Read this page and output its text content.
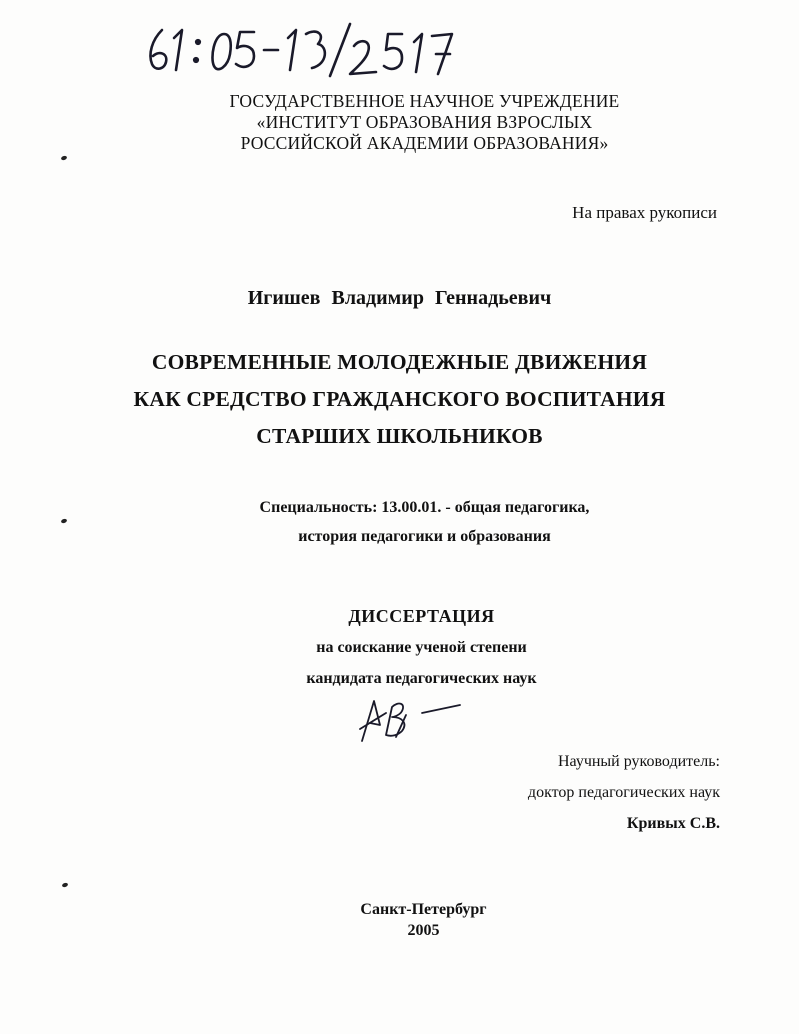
ГОСУДАРСТВЕННОЕ НАУЧНОЕ УЧРЕЖДЕНИЕ
«ИНСТИТУТ ОБРАЗОВАНИЯ ВЗРОСЛЫХ
РОССИЙСКОЙ АКАДЕМИИ ОБРАЗОВАНИЯ»
На правах рукописи
Игишев Владимир Геннадьевич
СОВРЕМЕННЫЕ МОЛОДЕЖНЫЕ ДВИЖЕНИЯ
КАК СРЕДСТВО ГРАЖДАНСКОГО ВОСПИТАНИЯ
СТАРШИХ ШКОЛЬНИКОВ
Специальность: 13.00.01. - общая педагогика,
история педагогики и образования
ДИССЕРТАЦИЯ
на соискание ученой степени
кандидата педагогических наук
Научный руководитель:
доктор педагогических наук
Кривых С.В.
Санкт-Петербург
2005
